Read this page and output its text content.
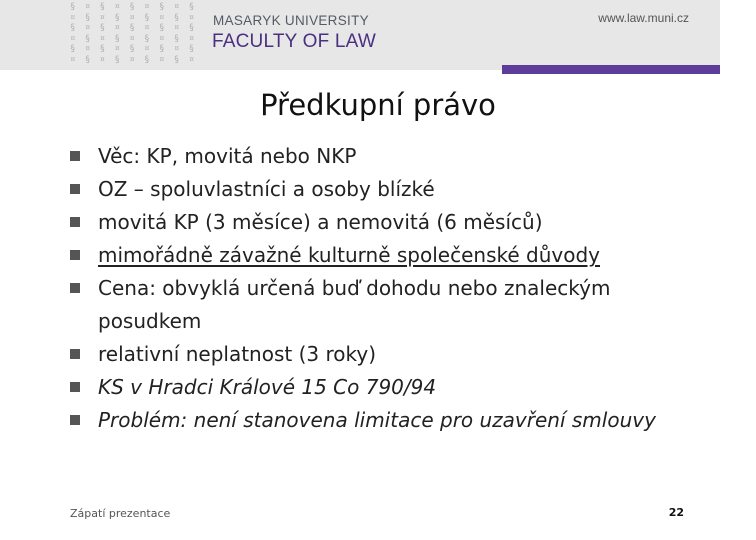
§ ¤ § ¤ § ¤ § ¤ §
¤ § ¤ § ¤ § ¤ § ¤
§ ¤ § ¤ § ¤ § ¤ §
¤ § ¤ § ¤ § ¤ § ¤
§ ¤ § ¤ § ¤ § ¤ §
¤ § ¤ § ¤ § ¤ § ¤
MASARYK UNIVERSITY
FACULTY OF LAW
www.law.muni.cz
Předkupní právo
Věc: KP, movitá nebo NKP
OZ – spoluvlastníci a osoby blízké
movitá KP (3 měsíce) a nemovitá (6 měsíců)
mimořádně závažné kulturně společenské důvody
Cena: obvyklá určená buď dohodu nebo znaleckým posudkem
relativní neplatnost (3 roky)
KS v Hradci Králové 15 Co 790/94
Problém: není stanovena limitace pro uzavření smlouvy
Zápatí prezentace	22
